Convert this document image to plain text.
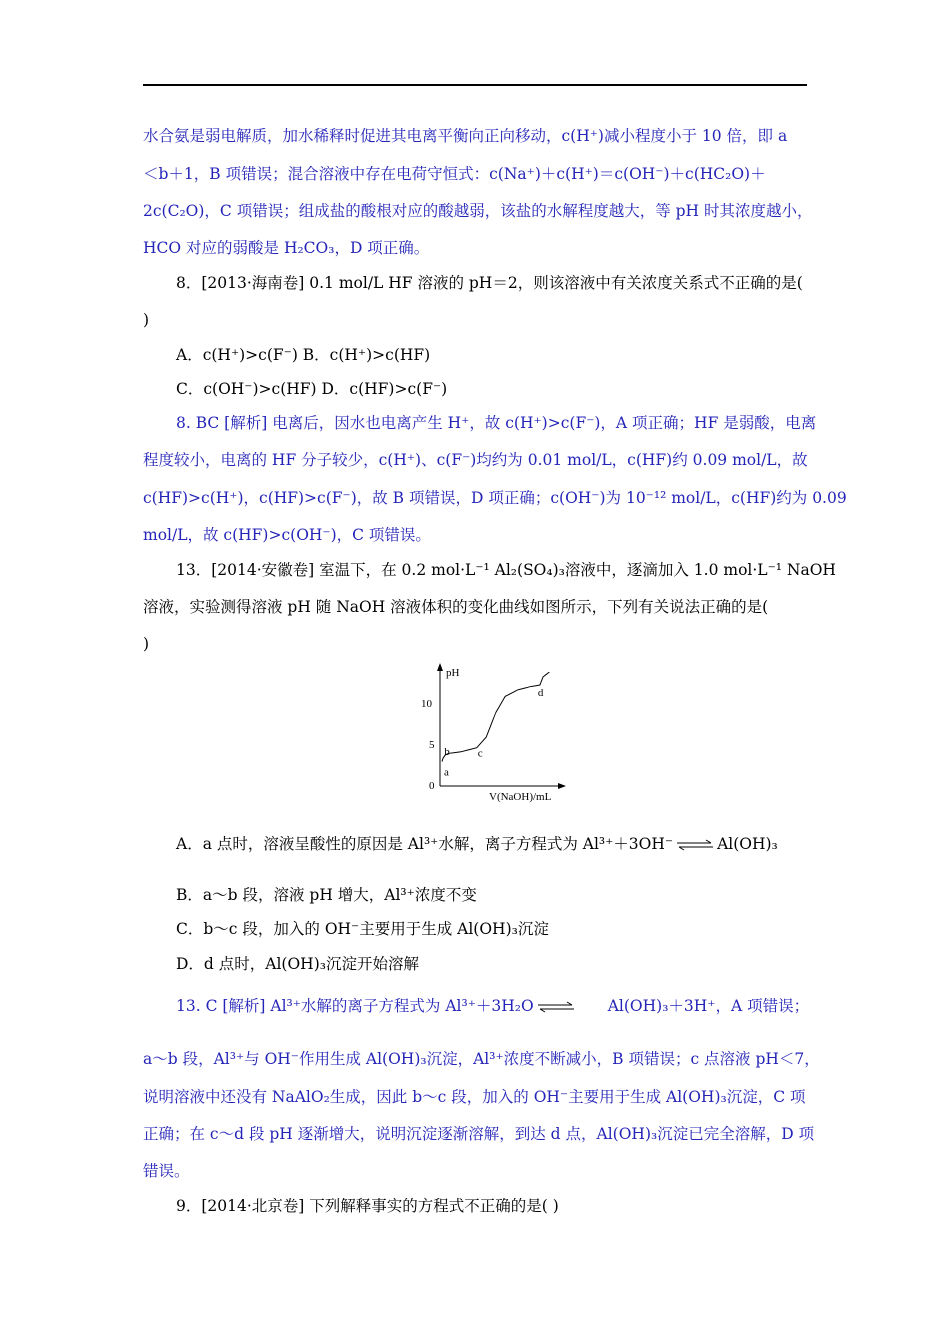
水合氨是弱电解质，加水稀释时促进其电离平衡向正向移动，c(H⁺)减小程度小于 10 倍，即 a
＜b＋1，B 项错误；混合溶液中存在电荷守恒式：c(Na⁺)＋c(H⁺)＝c(OH⁻)＋c(HC₂O)＋
2c(C₂O)，C 项错误；组成盐的酸根对应的酸越弱，该盐的水解程度越大，等 pH 时其浓度越小，
HCO 对应的弱酸是 H₂CO₃，D 项正确。
8．[2013·海南卷] 0.1 mol/L HF 溶液的 pH＝2，则该溶液中有关浓度关系式不正确的是(
)
A．c(H⁺)>c(F⁻) B．c(H⁺)>c(HF)
C．c(OH⁻)>c(HF) D．c(HF)>c(F⁻)
8. BC [解析] 电离后，因水也电离产生 H⁺，故 c(H⁺)>c(F⁻)，A 项正确；HF 是弱酸，电离
程度较小，电离的 HF 分子较少，c(H⁺)、c(F⁻)均约为 0.01 mol/L，c(HF)约 0.09 mol/L，故
c(HF)>c(H⁺)，c(HF)>c(F⁻)，故 B 项错误，D 项正确；c(OH⁻)为 10⁻¹² mol/L，c(HF)约为 0.09
mol/L，故 c(HF)>c(OH⁻)，C 项错误。
13．[2014·安徽卷] 室温下，在 0.2 mol·L⁻¹ Al₂(SO₄)₃溶液中，逐滴加入 1.0 mol·L⁻¹ NaOH
溶液，实验测得溶液 pH 随 NaOH 溶液体积的变化曲线如图所示，下列有关说法正确的是(
)
pH
V(NaOH)/mL
0
5
10
a
b	c
d
A．a 点时，溶液呈酸性的原因是 Al³⁺水解，离子方程式为 Al³⁺＋3OH⁻ ⇌ Al(OH)₃
B．a～b 段，溶液 pH 增大，Al³⁺浓度不变
C．b～c 段，加入的 OH⁻主要用于生成 Al(OH)₃沉淀
D．d 点时，Al(OH)₃沉淀开始溶解
13. C [解析] Al³⁺水解的离子方程式为 Al³⁺＋3H₂O ⇌ Al(OH)₃＋3H⁺，A 项错误；
a～b 段，Al³⁺与 OH⁻作用生成 Al(OH)₃沉淀，Al³⁺浓度不断减小，B 项错误；c 点溶液 pH＜7，
说明溶液中还没有 NaAlO₂生成，因此 b～c 段，加入的 OH⁻主要用于生成 Al(OH)₃沉淀，C 项
正确；在 c～d 段 pH 逐渐增大，说明沉淀逐渐溶解，到达 d 点，Al(OH)₃沉淀已完全溶解，D 项
错误。
9．[2014·北京卷] 下列解释事实的方程式不正确的是( )
